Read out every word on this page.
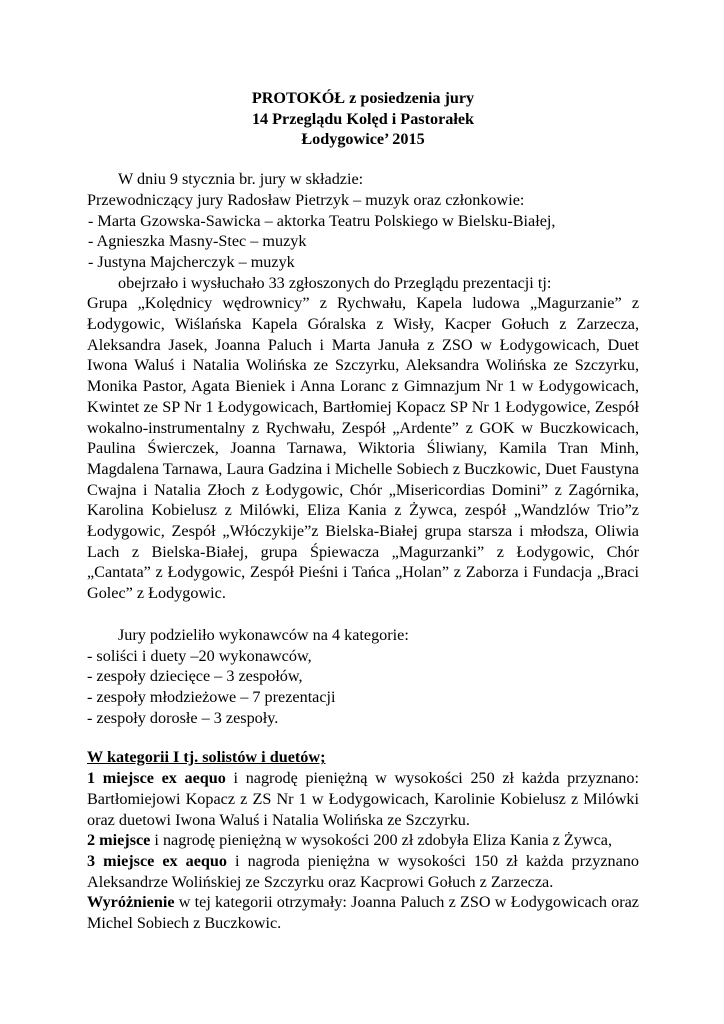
PROTOKÓŁ z posiedzenia jury
14 Przeglądu Kolęd i Pastorałek
Łodygowice’ 2015
W dniu 9 stycznia br. jury w składzie:
Przewodniczący jury Radosław Pietrzyk – muzyk oraz członkowie:
- Marta Gzowska-Sawicka – aktorka Teatru Polskiego w Bielsku-Białej,
- Agnieszka Masny-Stec – muzyk
- Justyna Majcherczyk – muzyk
obejrzało i wysłuchało 33 zgłoszonych do Przeglądu prezentacji tj:

Grupa „Kolędnicy wędrownicy” z Rychwału, Kapela ludowa „Magurzanie” z Łodygowic, Wiślańska Kapela Góralska z Wisły, Kacper Gołuch z Zarzecza, Aleksandra Jasek, Joanna Paluch i Marta Januła z ZSO w Łodygowicach, Duet Iwona Waluś i Natalia Wolińska ze Szczyrku, Aleksandra Wolińska ze Szczyrku, Monika Pastor, Agata Bieniek i Anna Loranc z Gimnazjum Nr 1 w Łodygowicach, Kwintet ze SP Nr 1 Łodygowicach, Bartłomiej Kopacz SP Nr 1 Łodygowice, Zespół wokalno-instrumentalny z Rychwału, Zespół „Ardente” z GOK w Buczkowicach, Paulina Świerczek, Joanna Tarnawa, Wiktoria Śliwiany, Kamila Tran Minh, Magdalena Tarnawa, Laura Gadzina i Michelle Sobiech z Buczkowic, Duet Faustyna Cwajna i Natalia Złoch z Łodygowic, Chór „Misericordias Domini” z Zagórnika, Karolina Kobielusz z Milówki, Eliza Kania z Żywca, zespół „Wandzlów Trio”z Łodygowic, Zespół „Włóczykije”z Bielska-Białej grupa starsza i młodsza, Oliwia Lach z Bielska-Białej, grupa Śpiewacza „Magurzanki” z Łodygowic, Chór „Cantata” z Łodygowic, Zespół Pieśni i Tańca „Holan” z Zaborza i Fundacja „Braci Golec” z Łodygowic.

Jury podzieliło wykonawców na 4 kategorie:
- soliści i duety –20 wykonawców,
- zespoły dziecięce – 3 zespołów,
- zespoły młodzieżowe – 7 prezentacji
- zespoły dorosłe – 3 zespoły.
W kategorii I tj. solistów i duetów;

1 miejsce ex aequo i nagrodę pieniężną w wysokości 250 zł każda przyznano: Bartłomiejowi Kopacz z ZS Nr 1 w Łodygowicach, Karolinie Kobielusz z Milówki oraz duetowi Iwona Waluś i Natalia Wolińska ze Szczyrku.

2 miejsce i nagrodę pieniężną w wysokości 200 zł zdobyła Eliza Kania z Żywca,

3 miejsce ex aequo i nagroda pieniężna w wysokości 150 zł każda przyznano Aleksandrze Wolińskiej ze Szczyrku oraz Kacprowi Gołuch z Zarzecza.

Wyróżnienie w tej kategorii otrzymały: Joanna Paluch z ZSO w Łodygowicach oraz Michel Sobiech z Buczkowic.
